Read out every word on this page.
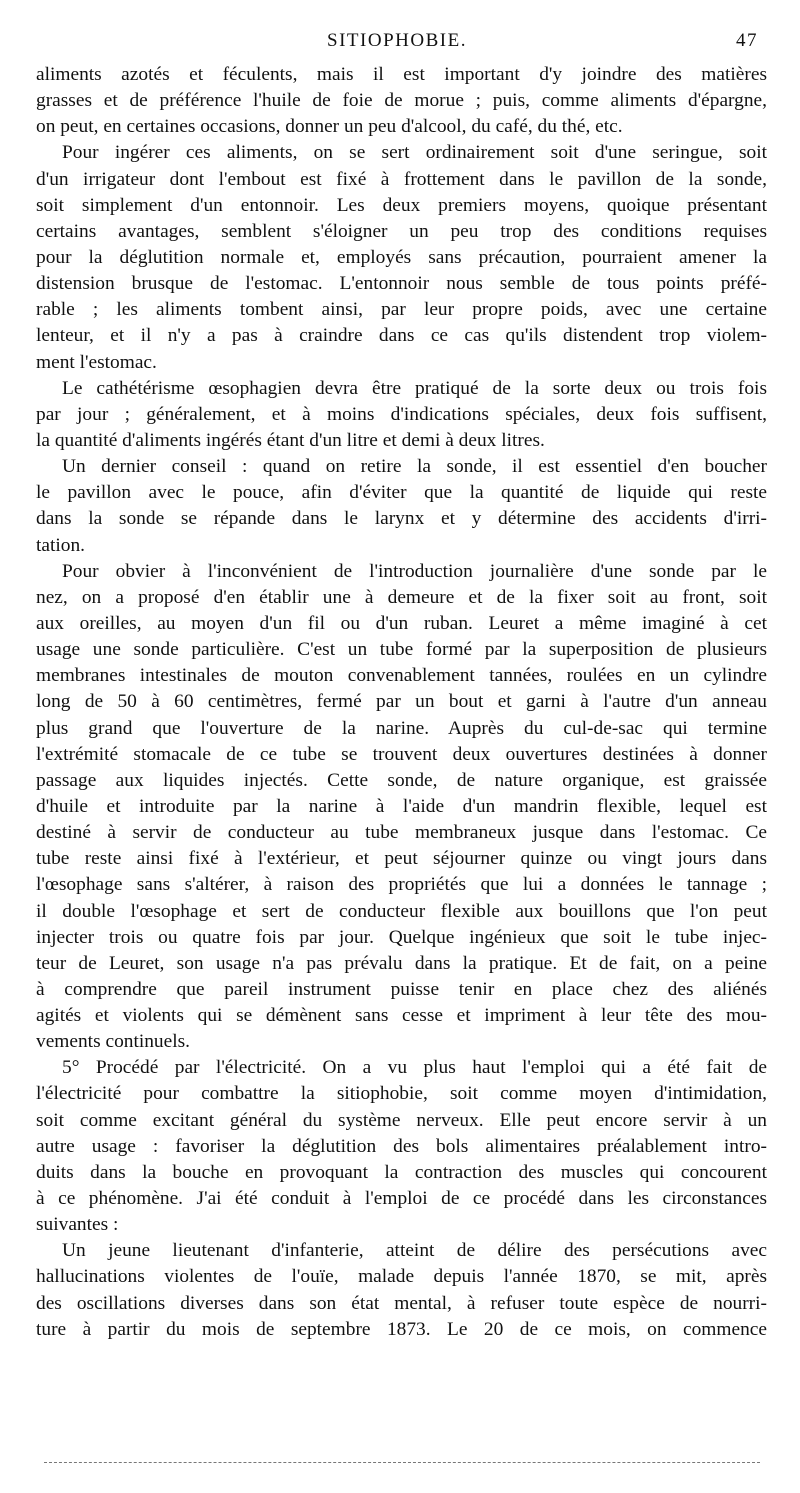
SITIOPHOBIE.	47
aliments azotés et féculents, mais il est important d'y joindre des matières
grasses et de préférence l'huile de foie de morue ; puis, comme aliments d'épargne,
on peut, en certaines occasions, donner un peu d'alcool, du café, du thé, etc.
Pour ingérer ces aliments, on se sert ordinairement soit d'une seringue, soit
d'un irrigateur dont l'embout est fixé à frottement dans le pavillon de la sonde,
soit simplement d'un entonnoir. Les deux premiers moyens, quoique présentant
certains avantages, semblent s'éloigner un peu trop des conditions requises
pour la déglutition normale et, employés sans précaution, pourraient amener la
distension brusque de l'estomac. L'entonnoir nous semble de tous points préfé-
rable ; les aliments tombent ainsi, par leur propre poids, avec une certaine
lenteur, et il n'y a pas à craindre dans ce cas qu'ils distendent trop violem-
ment l'estomac.
Le cathétérisme œsophagien devra être pratiqué de la sorte deux ou trois fois
par jour ; généralement, et à moins d'indications spéciales, deux fois suffisent,
la quantité d'aliments ingérés étant d'un litre et demi à deux litres.
Un dernier conseil : quand on retire la sonde, il est essentiel d'en boucher
le pavillon avec le pouce, afin d'éviter que la quantité de liquide qui reste
dans la sonde se répande dans le larynx et y détermine des accidents d'irri-
tation.
Pour obvier à l'inconvénient de l'introduction journalière d'une sonde par le
nez, on a proposé d'en établir une à demeure et de la fixer soit au front, soit
aux oreilles, au moyen d'un fil ou d'un ruban. Leuret a même imaginé à cet
usage une sonde particulière. C'est un tube formé par la superposition de plusieurs
membranes intestinales de mouton convenablement tannées, roulées en un cylindre
long de 50 à 60 centimètres, fermé par un bout et garni à l'autre d'un anneau
plus grand que l'ouverture de la narine. Auprès du cul-de-sac qui termine
l'extrémité stomacale de ce tube se trouvent deux ouvertures destinées à donner
passage aux liquides injectés. Cette sonde, de nature organique, est graissée
d'huile et introduite par la narine à l'aide d'un mandrin flexible, lequel est
destiné à servir de conducteur au tube membraneux jusque dans l'estomac. Ce
tube reste ainsi fixé à l'extérieur, et peut séjourner quinze ou vingt jours dans
l'œsophage sans s'altérer, à raison des propriétés que lui a données le tannage ;
il double l'œsophage et sert de conducteur flexible aux bouillons que l'on peut
injecter trois ou quatre fois par jour. Quelque ingénieux que soit le tube injec-
teur de Leuret, son usage n'a pas prévalu dans la pratique. Et de fait, on a peine
à comprendre que pareil instrument puisse tenir en place chez des aliénés
agités et violents qui se démènent sans cesse et impriment à leur tête des mou-
vements continuels.
5° Procédé par l'électricité. On a vu plus haut l'emploi qui a été fait de
l'électricité pour combattre la sitiophobie, soit comme moyen d'intimidation,
soit comme excitant général du système nerveux. Elle peut encore servir à un
autre usage : favoriser la déglutition des bols alimentaires préalablement intro-
duits dans la bouche en provoquant la contraction des muscles qui concourent
à ce phénomène. J'ai été conduit à l'emploi de ce procédé dans les circonstances
suivantes :
Un jeune lieutenant d'infanterie, atteint de délire des persécutions avec
hallucinations violentes de l'ouïe, malade depuis l'année 1870, se mit, après
des oscillations diverses dans son état mental, à refuser toute espèce de nourri-
ture à partir du mois de septembre 1873. Le 20 de ce mois, on commence
